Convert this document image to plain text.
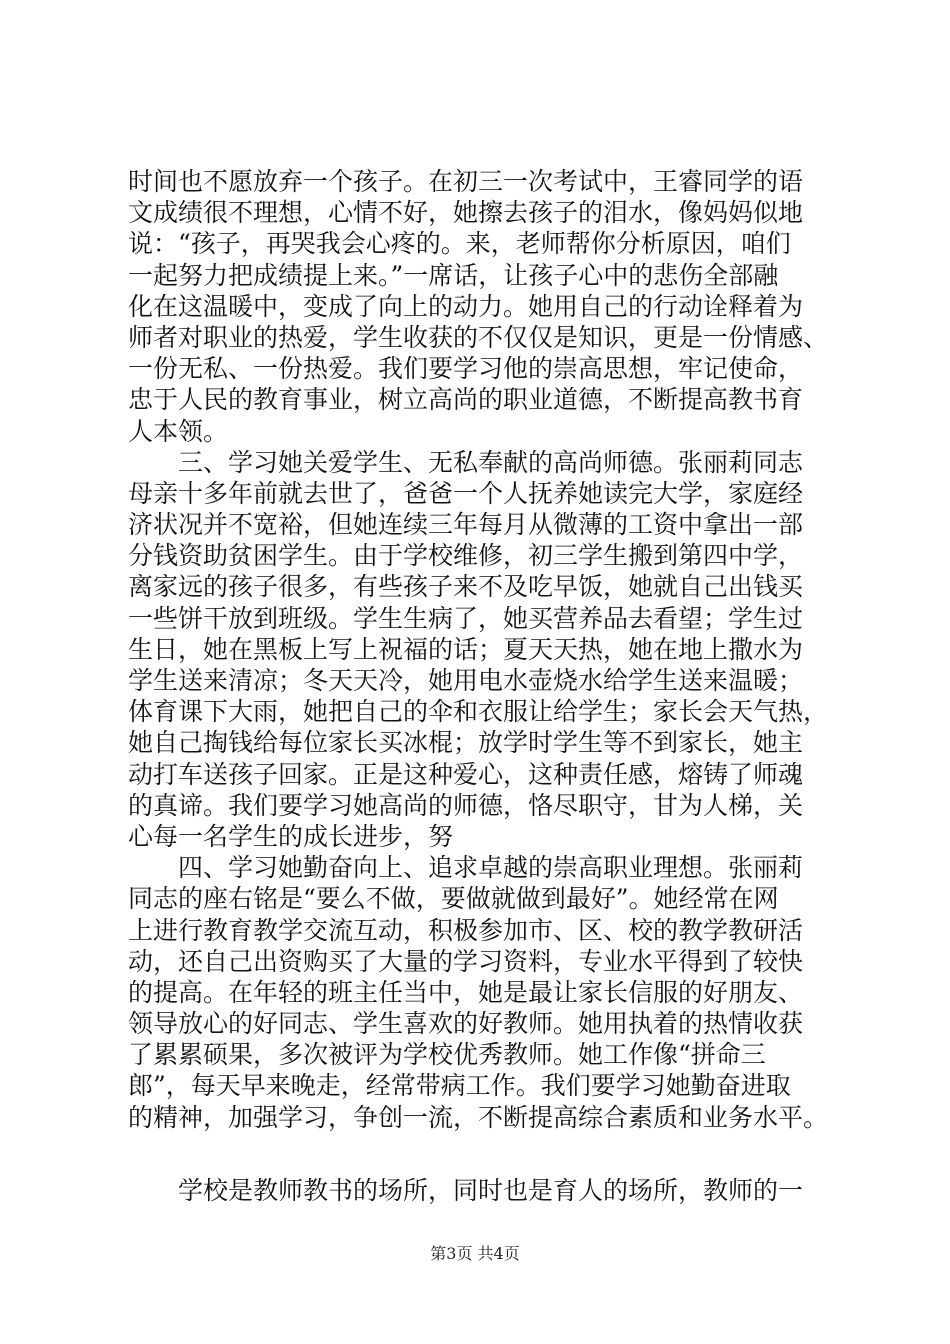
时间也不愿放弃一个孩子。在初三一次考试中，王睿同学的语
文成绩很不理想，心情不好，她擦去孩子的泪水，像妈妈似地
说：“孩子，再哭我会心疼的。来，老师帮你分析原因，咱们
一起努力把成绩提上来。”一席话，让孩子心中的悲伤全部融
化在这温暖中，变成了向上的动力。她用自己的行动诠释着为
师者对职业的热爱，学生收获的不仅仅是知识，更是一份情感、
一份无私、一份热爱。我们要学习他的崇高思想，牢记使命，
忠于人民的教育事业，树立高尚的职业道德，不断提高教书育
人本领。
　　三、学习她关爱学生、无私奉献的高尚师德。张丽莉同志
母亲十多年前就去世了，爸爸一个人抚养她读完大学，家庭经
济状况并不宽裕，但她连续三年每月从微薄的工资中拿出一部
分钱资助贫困学生。由于学校维修，初三学生搬到第四中学，
离家远的孩子很多，有些孩子来不及吃早饭，她就自己出钱买
一些饼干放到班级。学生生病了，她买营养品去看望；学生过
生日，她在黑板上写上祝福的话；夏天天热，她在地上撒水为
学生送来清凉；冬天天冷，她用电水壶烧水给学生送来温暖；
体育课下大雨，她把自己的伞和衣服让给学生；家长会天气热，
她自己掏钱给每位家长买冰棍；放学时学生等不到家长，她主
动打车送孩子回家。正是这种爱心，这种责任感，熔铸了师魂
的真谛。我们要学习她高尚的师德，恪尽职守，甘为人梯，关
心每一名学生的成长进步，努
　　四、学习她勤奋向上、追求卓越的崇高职业理想。张丽莉
同志的座右铭是“要么不做，要做就做到最好”。她经常在网
上进行教育教学交流互动，积极参加市、区、校的教学教研活
动，还自己出资购买了大量的学习资料，专业水平得到了较快
的提高。在年轻的班主任当中，她是最让家长信服的好朋友、
领导放心的好同志、学生喜欢的好教师。她用执着的热情收获
了累累硕果，多次被评为学校优秀教师。她工作像“拼命三
郎”，每天早来晚走，经常带病工作。我们要学习她勤奋进取
的精神，加强学习，争创一流，不断提高综合素质和业务水平。
　　学校是教师教书的场所，同时也是育人的场所，教师的一
第3页 共4页
